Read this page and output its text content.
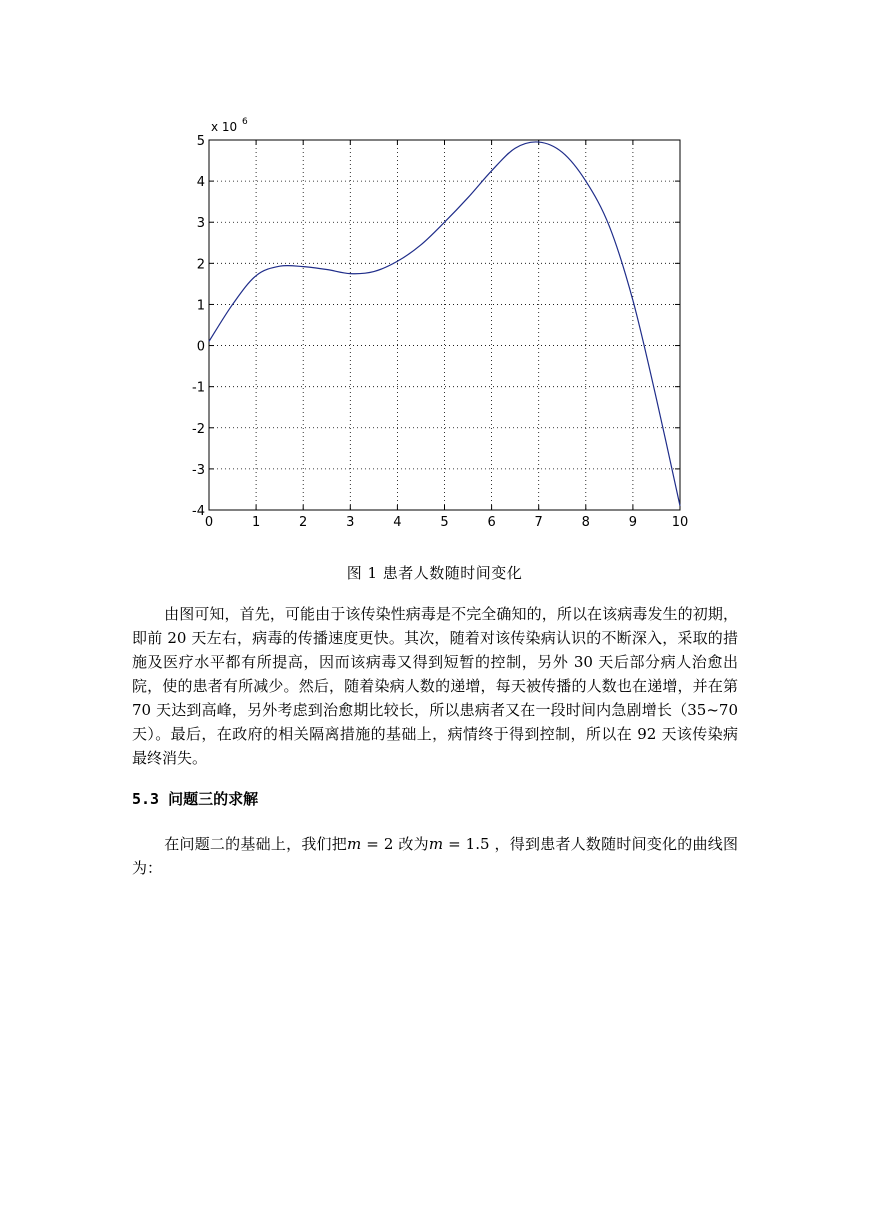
0	1	2	3	4	5	6	7	8	9	10
-4
-3
-2
-1
0
1
2
3
4
5
x 10 6
图 1 患者人数随时间变化
由图可知，首先，可能由于该传染性病毒是不完全确知的，所以在该病毒发生的初期，即前 20 天左右，病毒的传播速度更快。其次，随着对该传染病认识的不断深入，采取的措施及医疗水平都有所提高，因而该病毒又得到短暂的控制，另外 30 天后部分病人治愈出院，使的患者有所减少。然后，随着染病人数的递增，每天被传播的人数也在递增，并在第 70 天达到高峰，另外考虑到治愈期比较长，所以患病者又在一段时间内急剧增长（35~70 天）。最后，在政府的相关隔离措施的基础上，病情终于得到控制，所以在 92 天该传染病最终消失。
5.3 问题三的求解
在问题二的基础上，我们把m = 2 改为m = 1.5 ，得到患者人数随时间变化的曲线图为：
